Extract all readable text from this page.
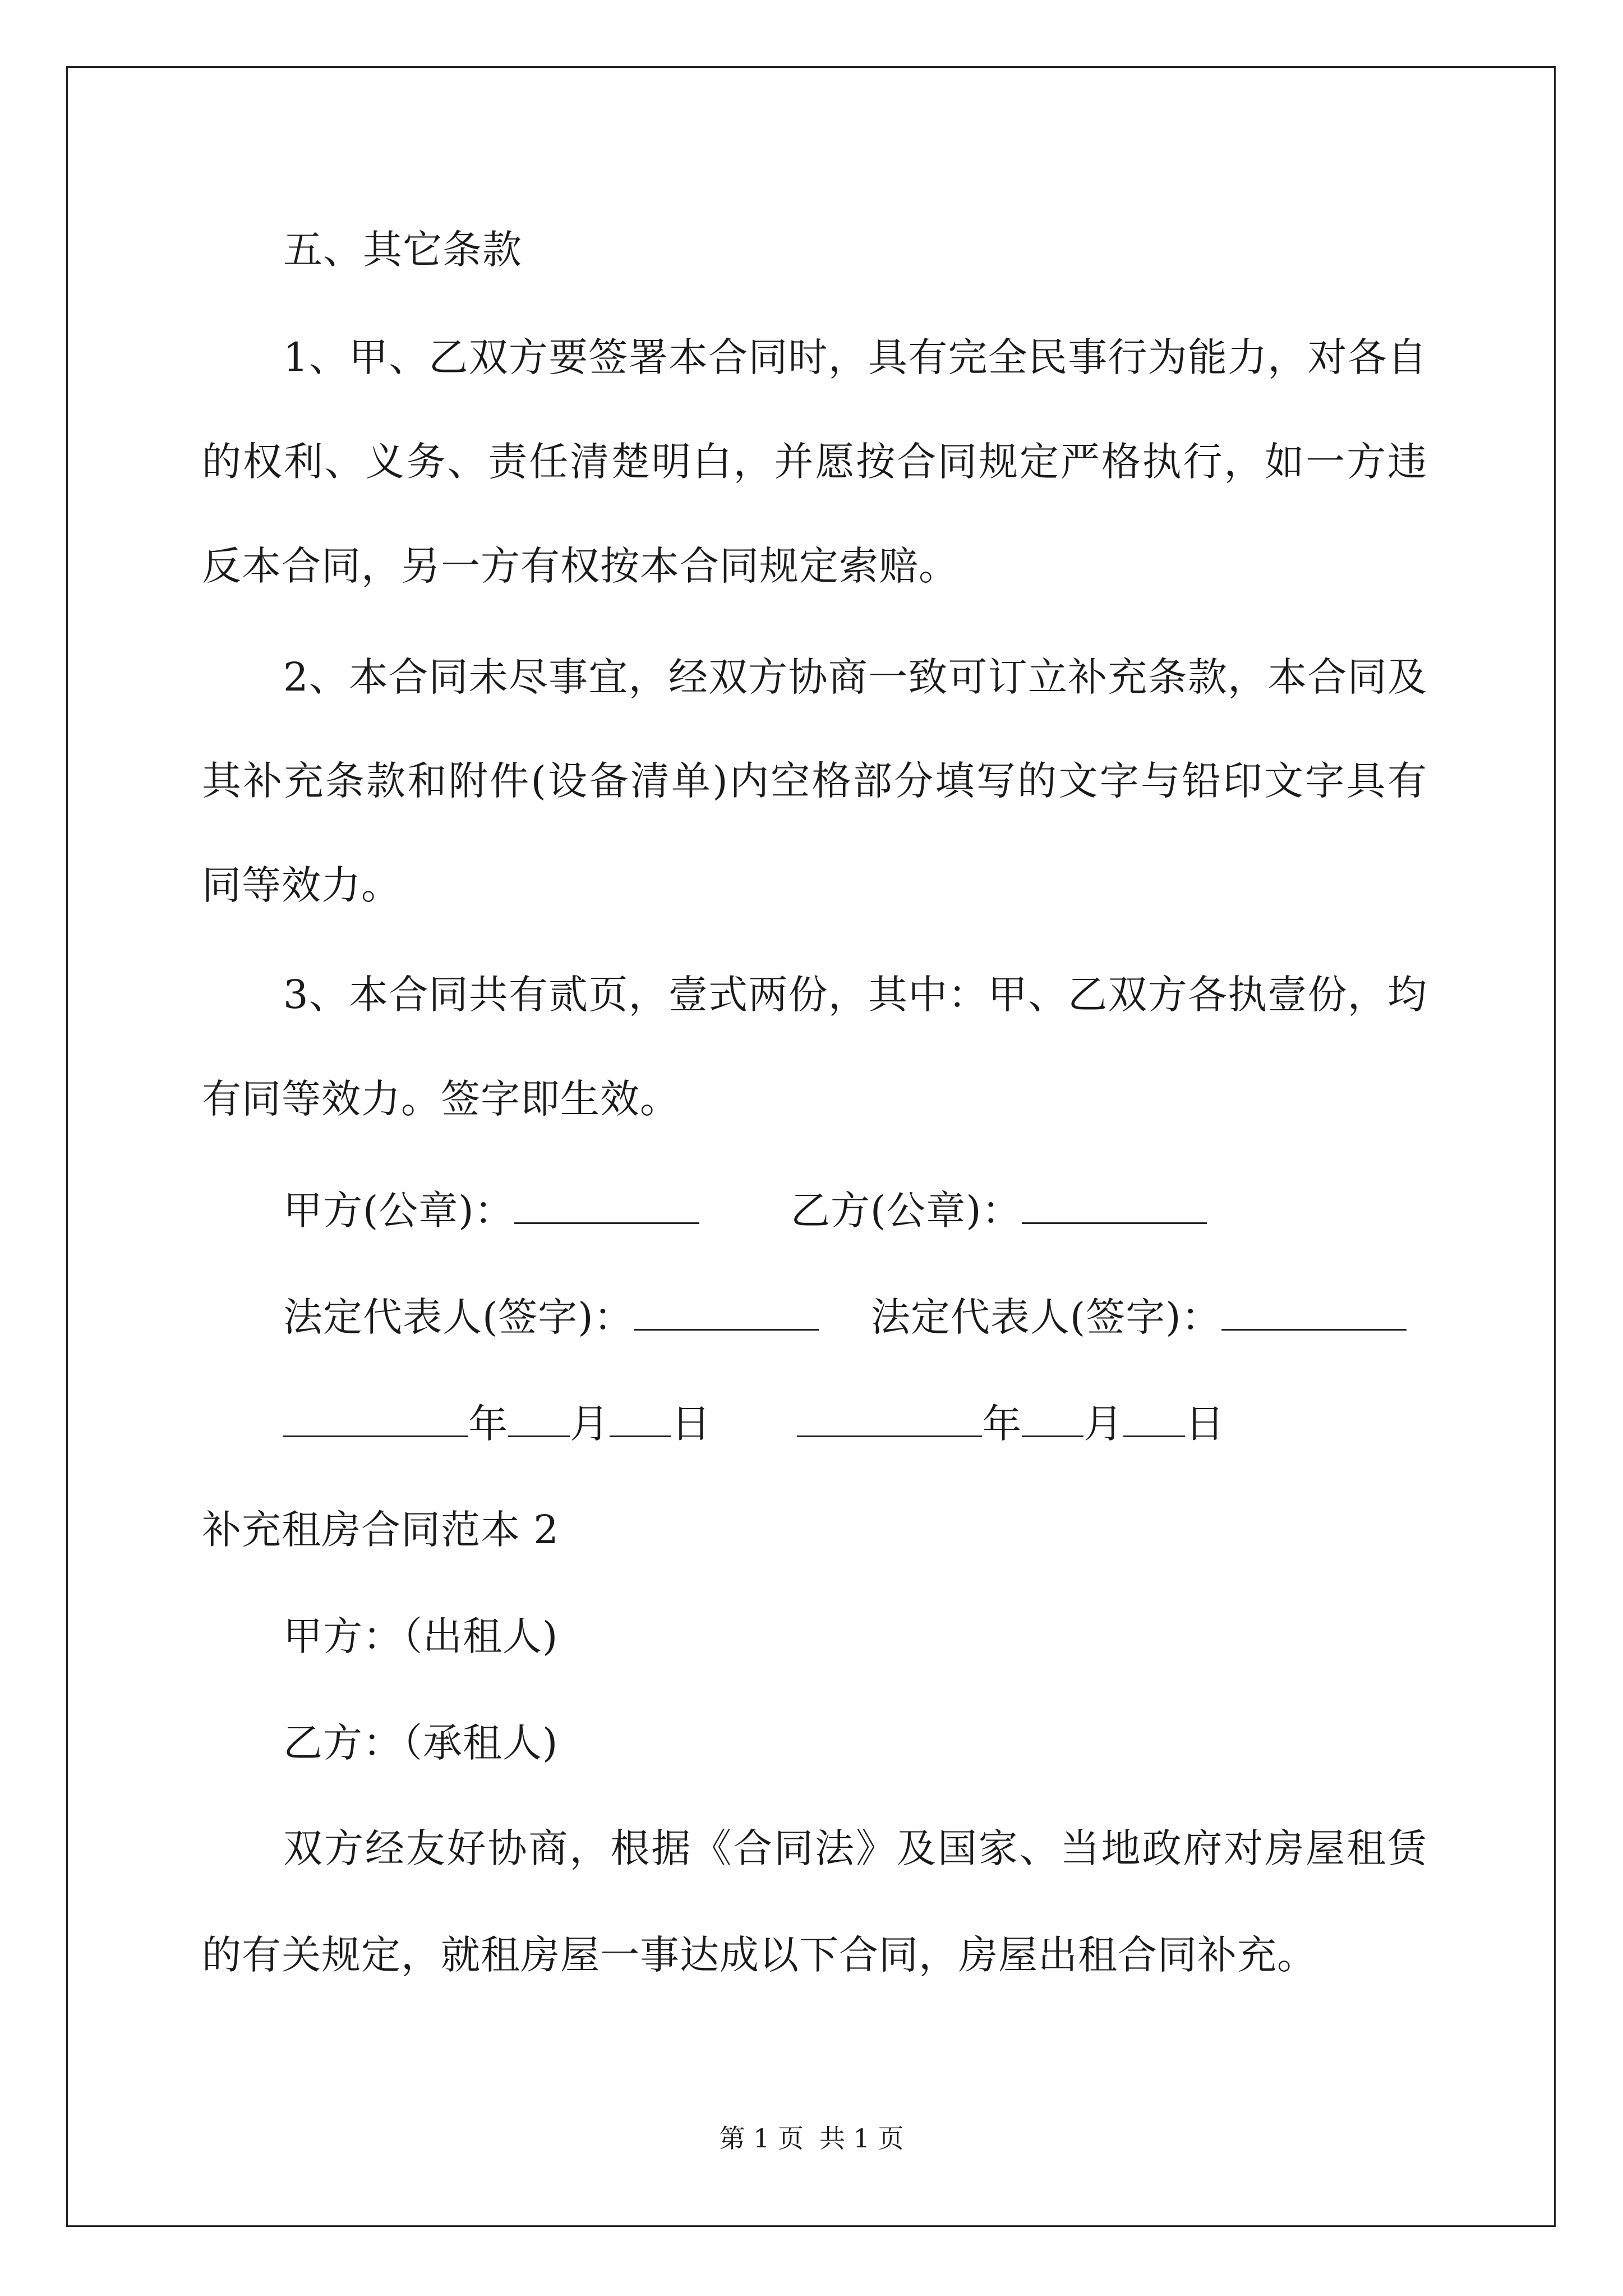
五、其它条款
1、甲、乙双方要签署本合同时，具有完全民事行为能力，对各自
的权利、义务、责任清楚明白，并愿按合同规定严格执行，如一方违
反本合同，另一方有权按本合同规定索赔。
2、本合同未尽事宜，经双方协商一致可订立补充条款，本合同及
其补充条款和附件(设备清单)内空格部分填写的文字与铅印文字具有
同等效力。
3、本合同共有贰页，壹式两份，其中：甲、乙双方各执壹份，均
有同等效力。签字即生效。
甲方(公章)：	乙方(公章)：
法定代表人(签字)：	法定代表人(签字)：
年 月 日	年 月 日
补充租房合同范本 2
甲方：（出租人)
乙方：（承租人)
双方经友好协商，根据《合同法》及国家、当地政府对房屋租赁
的有关规定，就租房屋一事达成以下合同，房屋出租合同补充。
第 1 页 共 1 页
